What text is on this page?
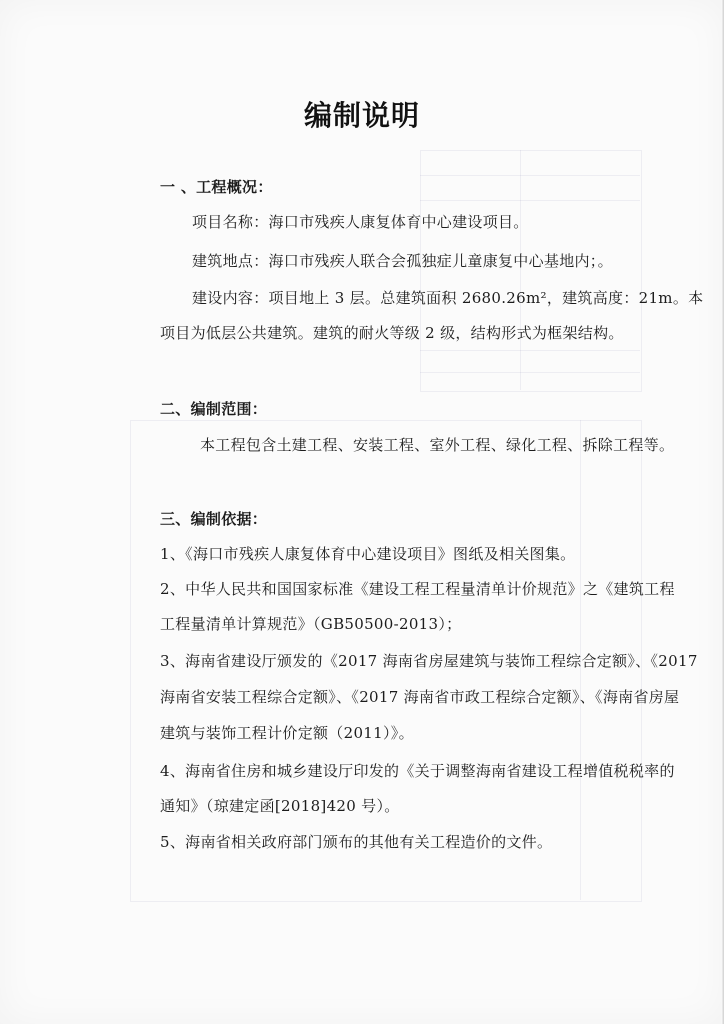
编制说明
一 、工程概况：
项目名称：海口市残疾人康复体育中心建设项目。
建筑地点：海口市残疾人联合会孤独症儿童康复中心基地内；。
建设内容：项目地上 3 层。总建筑面积 2680.26m²，建筑高度：21m。本
项目为低层公共建筑。建筑的耐火等级 2 级，结构形式为框架结构。
二、编制范围：
本工程包含土建工程、安装工程、室外工程、绿化工程、拆除工程等。
三、编制依据：
1、《海口市残疾人康复体育中心建设项目》图纸及相关图集。
2、中华人民共和国国家标准《建设工程工程量清单计价规范》之《建筑工程
工程量清单计算规范》（GB50500-2013）；
3、海南省建设厅颁发的《2017 海南省房屋建筑与装饰工程综合定额》、《2017
海南省安装工程综合定额》、《2017 海南省市政工程综合定额》、《海南省房屋
建筑与装饰工程计价定额（2011）》。
4、海南省住房和城乡建设厅印发的《关于调整海南省建设工程增值税税率的
通知》（琼建定函[2018]420 号）。
5、海南省相关政府部门颁布的其他有关工程造价的文件。
